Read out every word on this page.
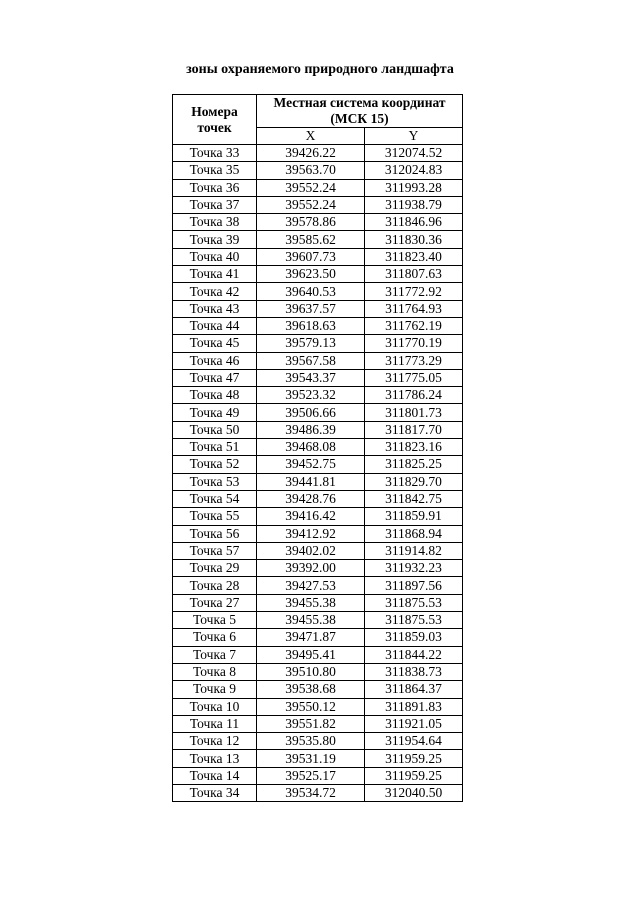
зоны охраняемого природного ландшафта
Номера
точек	Местная система координат
(МСК 15)	
	X	Y
Точка 33	39426.22	312074.52
Точка 35	39563.70	312024.83
Точка 36	39552.24	311993.28
Точка 37	39552.24	311938.79
Точка 38	39578.86	311846.96
Точка 39	39585.62	311830.36
Точка 40	39607.73	311823.40
Точка 41	39623.50	311807.63
Точка 42	39640.53	311772.92
Точка 43	39637.57	311764.93
Точка 44	39618.63	311762.19
Точка 45	39579.13	311770.19
Точка 46	39567.58	311773.29
Точка 47	39543.37	311775.05
Точка 48	39523.32	311786.24
Точка 49	39506.66	311801.73
Точка 50	39486.39	311817.70
Точка 51	39468.08	311823.16
Точка 52	39452.75	311825.25
Точка 53	39441.81	311829.70
Точка 54	39428.76	311842.75
Точка 55	39416.42	311859.91
Точка 56	39412.92	311868.94
Точка 57	39402.02	311914.82
Точка 29	39392.00	311932.23
Точка 28	39427.53	311897.56
Точка 27	39455.38	311875.53
Точка 5	39455.38	311875.53
Точка 6	39471.87	311859.03
Точка 7	39495.41	311844.22
Точка 8	39510.80	311838.73
Точка 9	39538.68	311864.37
Точка 10	39550.12	311891.83
Точка 11	39551.82	311921.05
Точка 12	39535.80	311954.64
Точка 13	39531.19	311959.25
Точка 14	39525.17	311959.25
Точка 34	39534.72	312040.50
